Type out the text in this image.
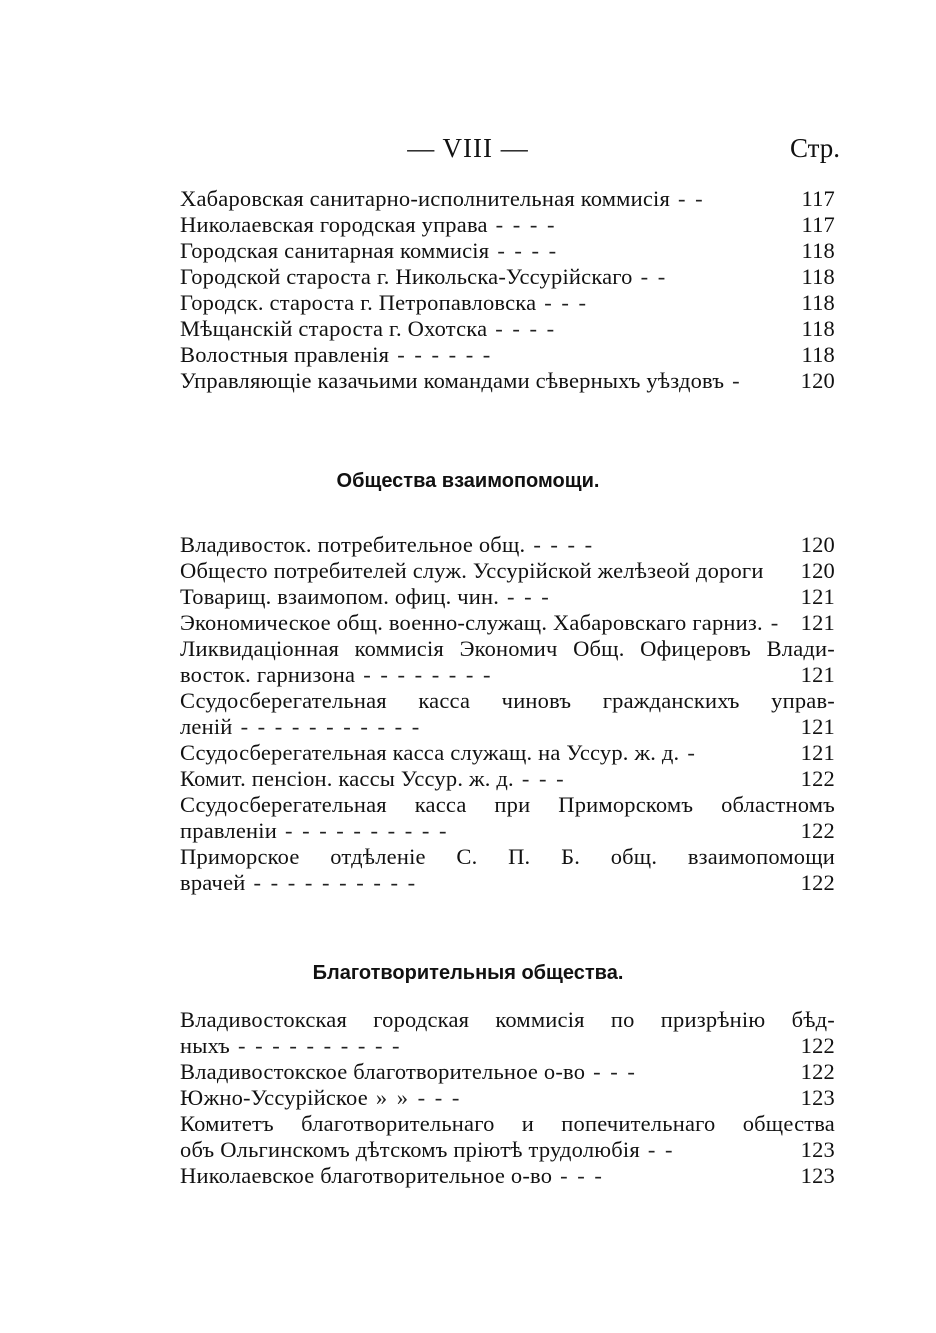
— VIII —	Стр.
Хабаровская санитарно-исполнительная коммисія - -	117
Николаевская городская управа - - - -	117
Городская санитарная коммисія - - - -	118
Городской староста г. Никольска-Уссурійскаго - -	118
Городск. староста г. Петропавловска - - -	118
Мѣщанскій староста г. Охотска - - - -	118
Волостныя правленія - - - - - -	118
Управляющіе казачьими командами сѣверныхъ уѣздовъ -	120
Общества взаимопомощи.
Владивосток. потребительное общ. - - - -	120
Общесто потребителей служ. Уссурійской желѣзеой дороги	120
Товарищ. взаимопом. офиц. чин. - - -	121
Экономическое общ. военно-служащ. Хабаровскаго гарниз. - 121
Ликвидаціонная коммисія Экономич Общ. Офицеровъ Влади-
восток. гарнизона - - - - - - - -	121
Ссудосберегательная касса чиновъ гражданскихъ управ-
леній - - - - - - - - - - -	121
Ссудосберегательная касса служащ. на Уссур. ж. д. -	121
Комит. пенсіон. кассы Уссур. ж. д. - - -	122
Ссудосберегательная касса при Приморскомъ областномъ
правленіи - - - - - - - - - -	122
Приморское отдѣленіе С. П. Б. общ. взаимопомощи
врачей - - - - - - - - - -	122
Благотворительныя общества.
Владивостокская городская коммисія по призрѣнію бѣд-
ныхъ - - - - - - - - - -	122
Владивостокское благотворительное о-во - - -	122
Южно-Уссурійское » » - - -	123
Комитетъ благотворительнаго и попечительнаго общества
объ Ольгинскомъ дѣтскомъ пріютѣ трудолюбія - -	123
Николаевское благотворительное о-во - - -	123
